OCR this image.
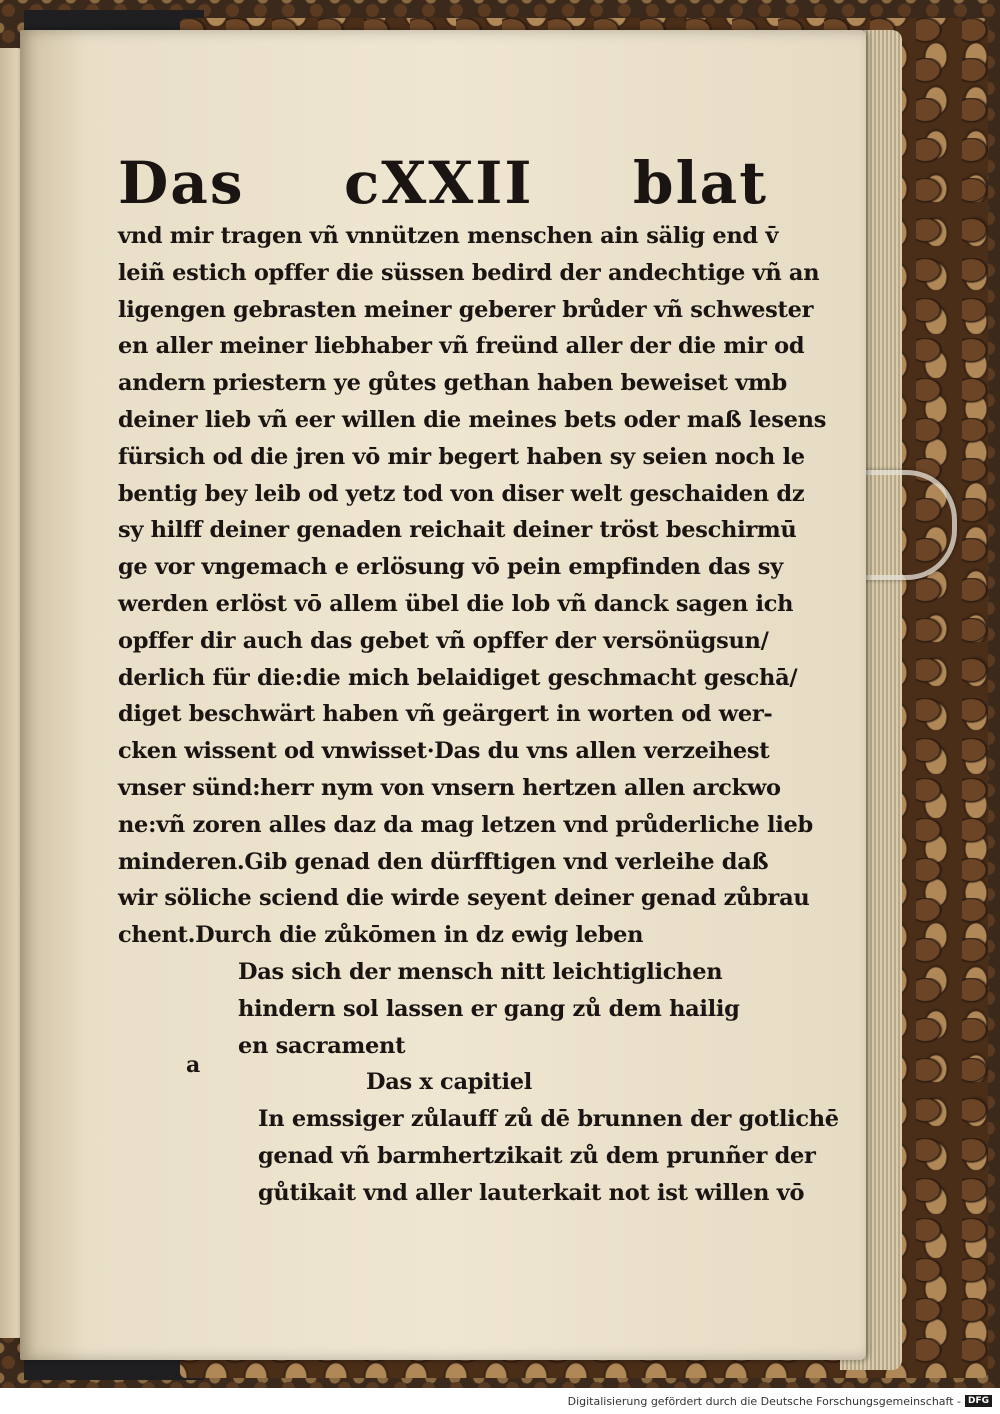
Das cXXII blat
vnd mir tragen vñ vnnützen menschen ain sälig end v̄
leiñ estich opffer die süssen bedird der andechtige vñ an
ligengen gebrasten meiner geberer brůder vñ schwester
en aller meiner liebhaber vñ freünd aller der die mir od
andern priestern ye gůtes gethan haben beweiset vmb
deiner lieb vñ eer willen die meines bets oder maß lesens
fürsich od die jren vō mir begert haben sy seien noch le
bentig bey leib od yetz tod von diser welt geschaiden dz
sy hilff deiner genaden reichait deiner tröst beschirmū
ge vor vngemach e erlösung vō pein empfinden das sy
werden erlöst vō allem übel die lob vñ danck sagen ich
opffer dir auch das gebet vñ opffer der versönügsun/
derlich für die:die mich belaidiget geschmacht geschā/
diget beschwärt haben vñ geärgert in worten od wer-
cken wissent od vnwisset·Das du vns allen verzeihest
vnser sünd:herr nym von vnsern hertzen allen arckwo
ne:vñ zoren alles daz da mag letzen vnd průderliche lieb
minderen.Gib genad den dürfftigen vnd verleihe daß
wir söliche sciend die wirde seyent deiner genad zůbrau
chent.Durch die zůkōmen in dz ewig leben
Das sich der mensch nitt leichtiglichen
hindern sol lassen er gang zů dem hailig
en sacrament
Das x capitiel
In emssiger zůlauff zů dē brunnen der gotlichē
genad vñ barmhertzikait zů dem prunñer der
gůtikait vnd aller lauterkait not ist willen vō
a
Digitalisierung gefördert durch die Deutsche Forschungsgemeinschaft - DFG
